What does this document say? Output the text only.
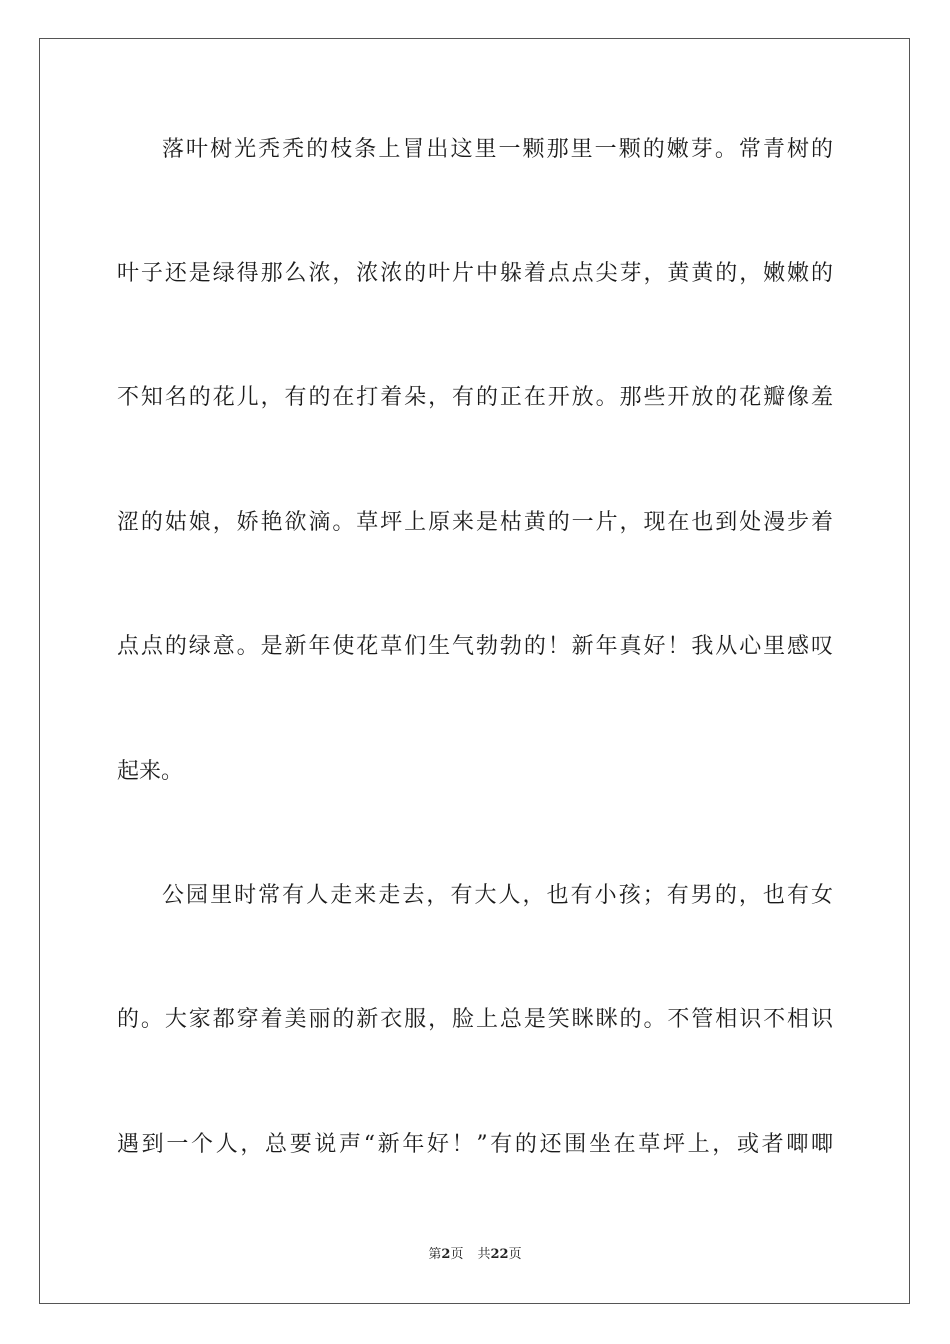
落叶树光秃秃的枝条上冒出这里一颗那里一颗的嫩芽。常青树的
叶子还是绿得那么浓，浓浓的叶片中躲着点点尖芽，黄黄的，嫩嫩的
不知名的花儿，有的在打着朵，有的正在开放。那些开放的花瓣像羞
涩的姑娘，娇艳欲滴。草坪上原来是枯黄的一片，现在也到处漫步着
点点的绿意。是新年使花草们生气勃勃的！新年真好！我从心里感叹
起来。
公园里时常有人走来走去，有大人，也有小孩；有男的，也有女
的。大家都穿着美丽的新衣服，脸上总是笑眯眯的。不管相识不相识
遇到一个人，总要说声“新年好！”有的还围坐在草坪上，或者唧唧
第2页 共22页
